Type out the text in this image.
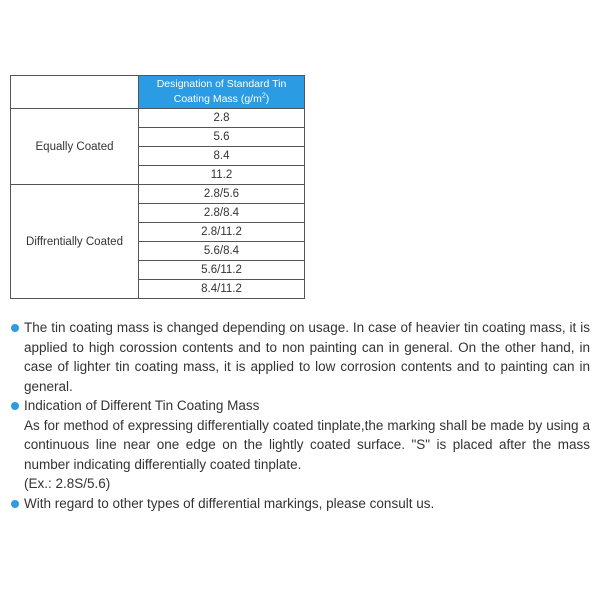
	Designation of Standard Tin
Coating Mass $(g/m^2)$
Equally Coated	2.8
	5.6
	8.4
	11.2
Diffrentially Coated	2.8/5.6
	2.8/8.4
	2.8/11.2
	5.6/8.4
	5.6/11.2
	8.4/11.2
The tin coating mass is changed depending on usage. In case of heavier tin coating mass, it is applied to high corossion contents and to non painting can in general. On the other hand, in case of lighter tin coating mass, it is applied to low corrosion contents and to painting can in general.
Indication of Different Tin Coating Mass
As for method of expressing differentially coated tinplate,the marking shall be made by using a continuous line near one edge on the lightly coated surface. "S" is placed after the mass number indicating differentially coated tinplate.
(Ex.: 2.8S/5.6)
With regard to other types of differential markings, please consult us.
